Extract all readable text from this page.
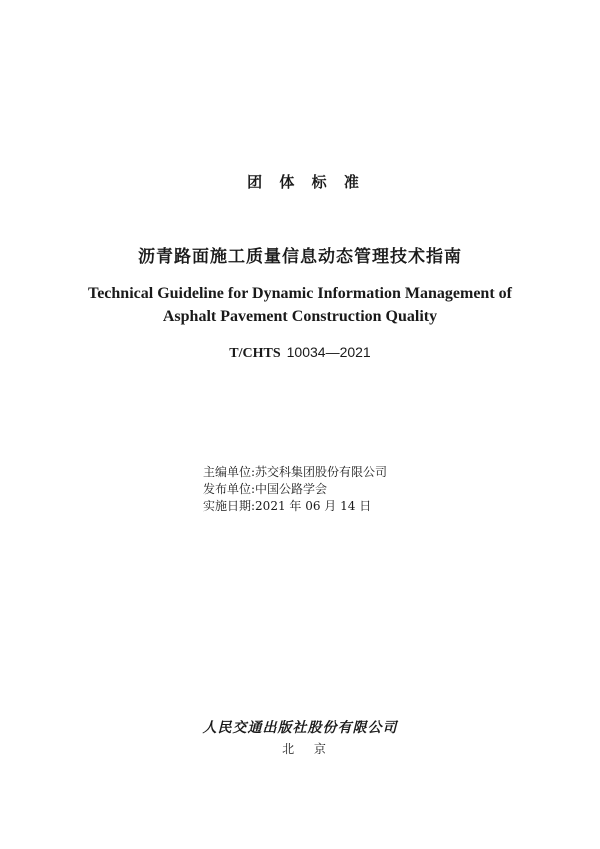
团 体 标 准
沥青路面施工质量信息动态管理技术指南
Technical Guideline for Dynamic Information Management of
Asphalt Pavement Construction Quality
T/CHTS 10034—2021
主编单位:苏交科集团股份有限公司
发布单位:中国公路学会
实施日期:2021 年 06 月 14 日
人民交通出版社股份有限公司
北 京
